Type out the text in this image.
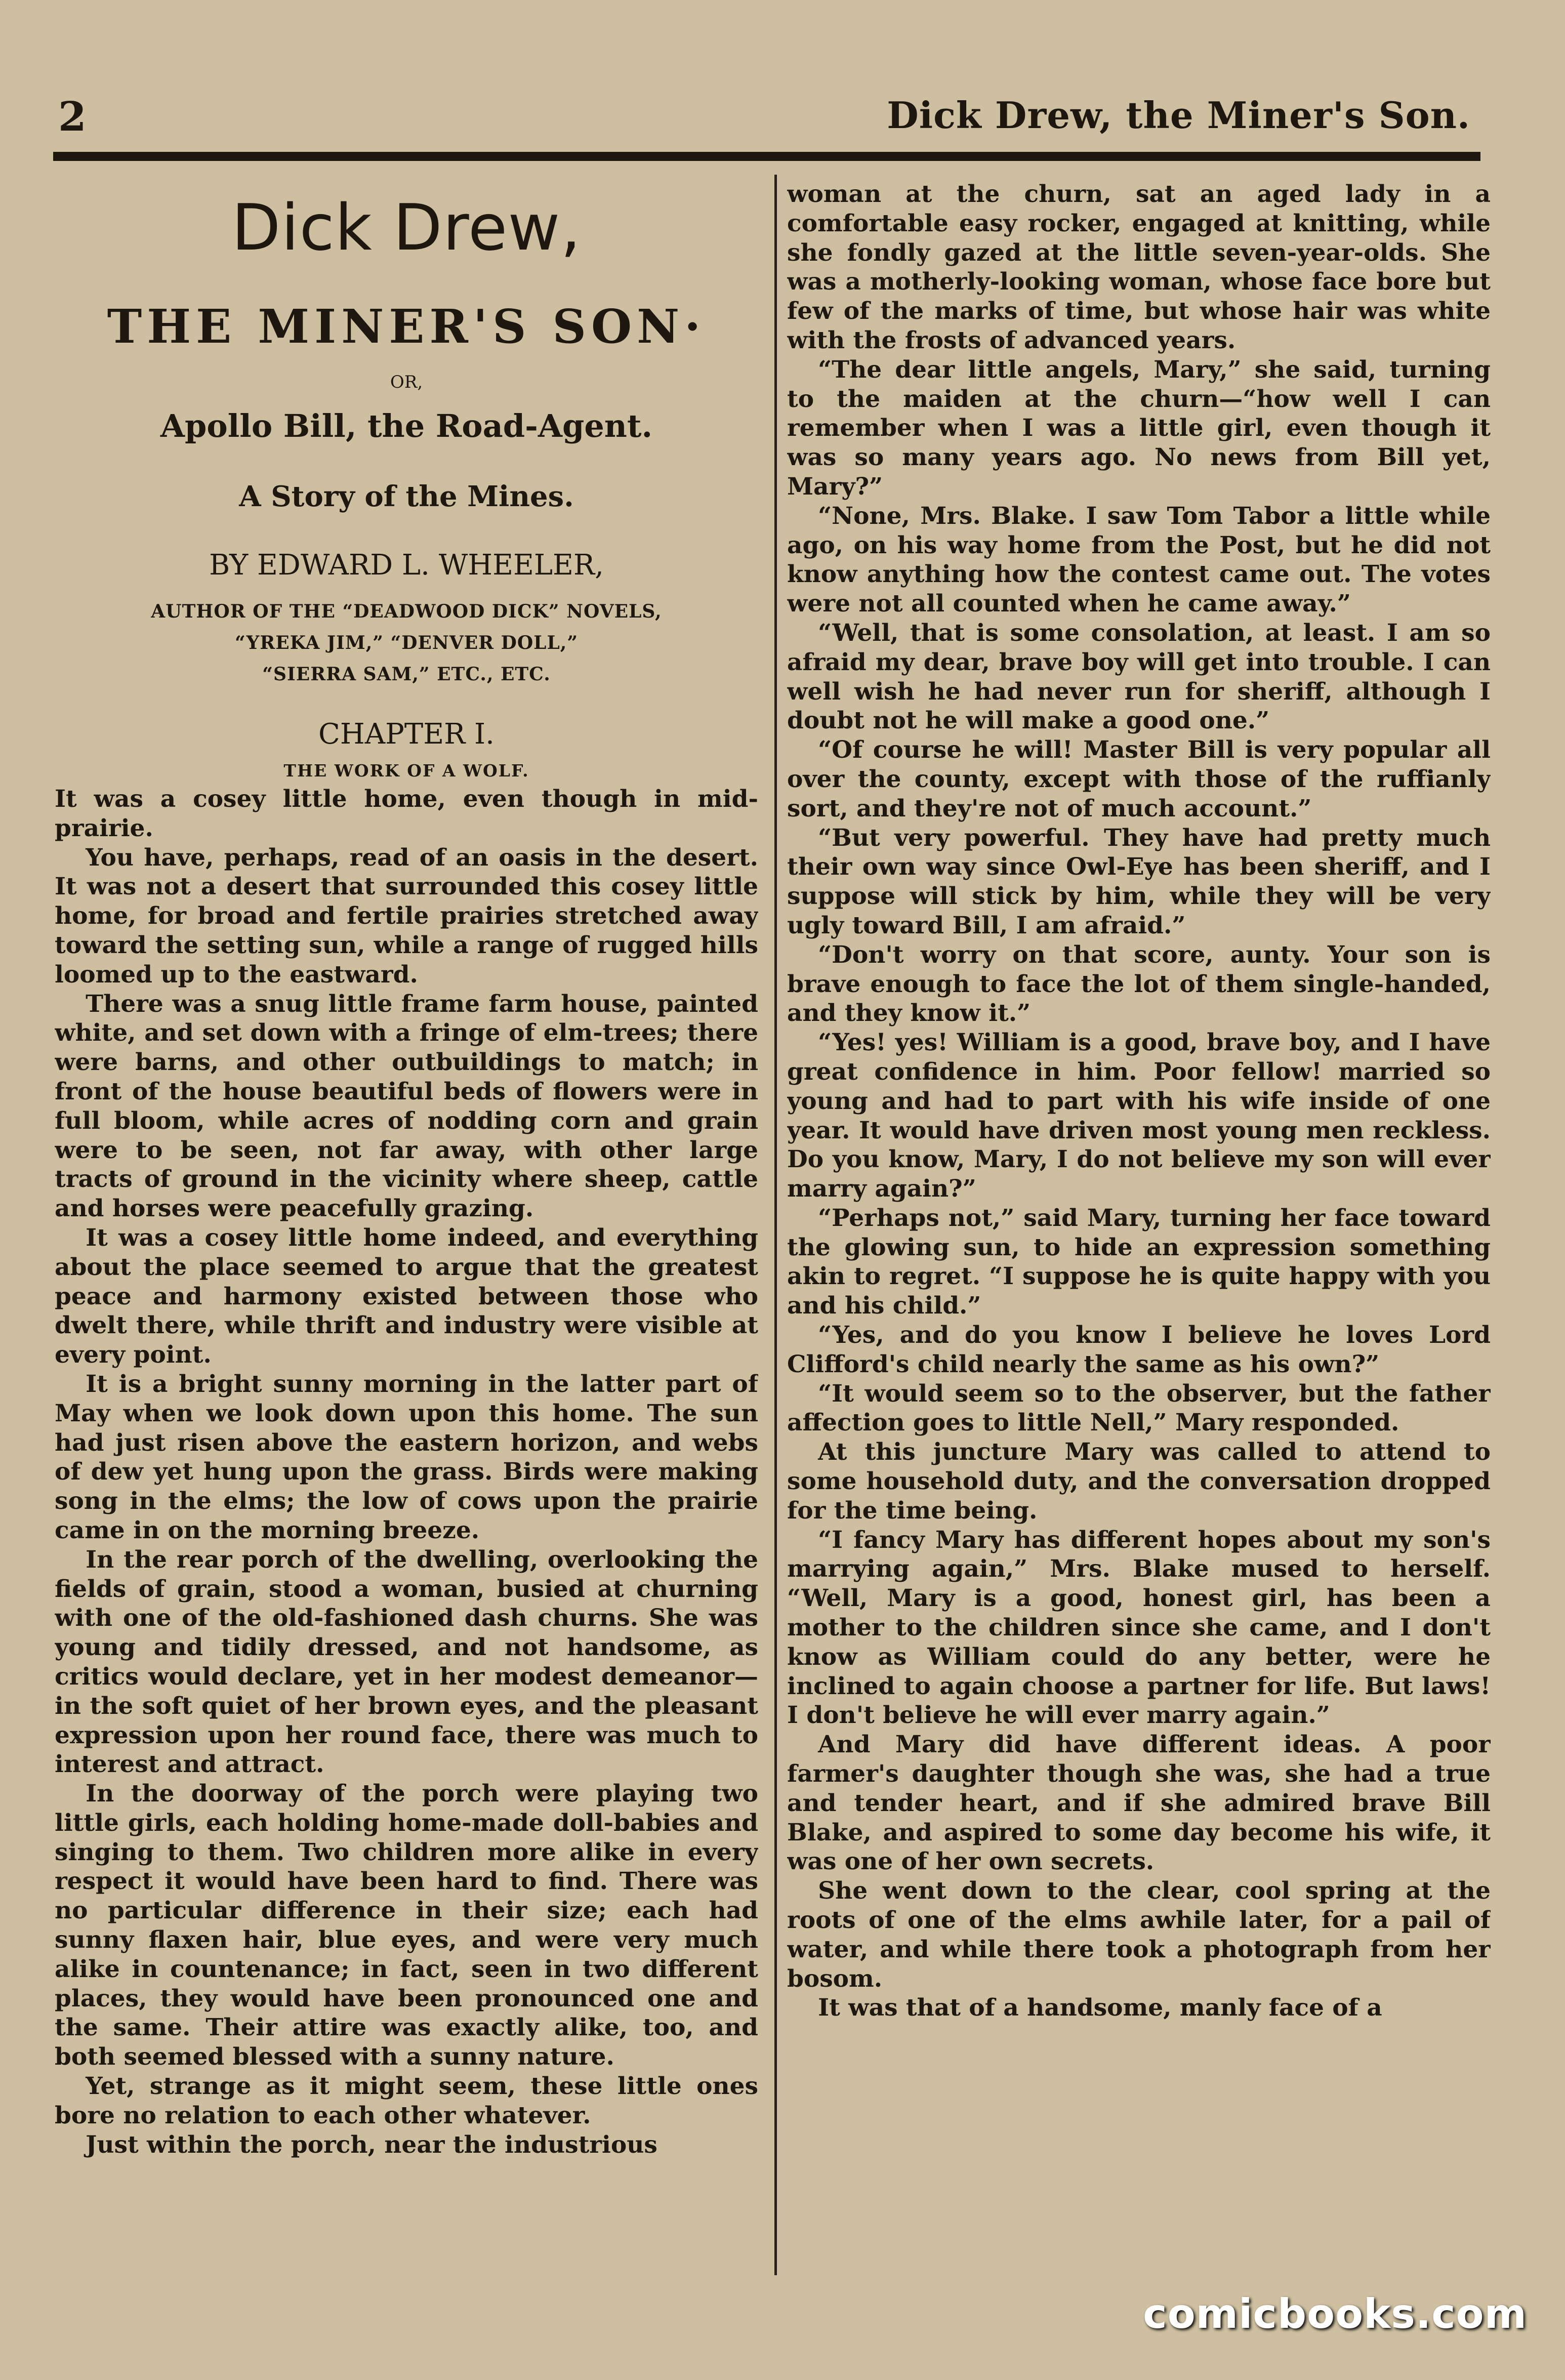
2	Dick Drew, the Miner's Son.
Dick Drew,
THE MINER'S SON·
OR,
Apollo Bill, the Road-Agent.
A Story of the Mines.
BY EDWARD L. WHEELER,
AUTHOR OF THE “DEADWOOD DICK” NOVELS,
“YREKA JIM,” “DENVER DOLL,”
“SIERRA SAM,” ETC., ETC.
CHAPTER I.
THE WORK OF A WOLF.

It was a cosey little home, even though in mid-prairie.

You have, perhaps, read of an oasis in the desert. It was not a desert that surrounded this cosey little home, for broad and fertile prairies stretched away toward the setting sun, while a range of rugged hills loomed up to the eastward.

There was a snug little frame farm house, painted white, and set down with a fringe of elm-trees; there were barns, and other outbuildings to match; in front of the house beautiful beds of flowers were in full bloom, while acres of nodding corn and grain were to be seen, not far away, with other large tracts of ground in the vicinity where sheep, cattle and horses were peacefully grazing.

It was a cosey little home indeed, and everything about the place seemed to argue that the greatest peace and harmony existed between those who dwelt there, while thrift and industry were visible at every point.

It is a bright sunny morning in the latter part of May when we look down upon this home. The sun had just risen above the eastern horizon, and webs of dew yet hung upon the grass. Birds were making song in the elms; the low of cows upon the prairie came in on the morning breeze.

In the rear porch of the dwelling, overlooking the fields of grain, stood a woman, busied at churning with one of the old-fashioned dash churns. She was young and tidily dressed, and not handsome, as critics would declare, yet in her modest demeanor—in the soft quiet of her brown eyes, and the pleasant expression upon her round face, there was much to interest and attract.

In the doorway of the porch were playing two little girls, each holding home-made doll-babies and singing to them. Two children more alike in every respect it would have been hard to find. There was no particular difference in their size; each had sunny flaxen hair, blue eyes, and were very much alike in countenance; in fact, seen in two different places, they would have been pronounced one and the same. Their attire was exactly alike, too, and both seemed blessed with a sunny nature.

Yet, strange as it might seem, these little ones bore no relation to each other whatever.

Just within the porch, near the industrious

woman at the churn, sat an aged lady in a comfortable easy rocker, engaged at knitting, while she fondly gazed at the little seven-year-olds. She was a motherly-looking woman, whose face bore but few of the marks of time, but whose hair was white with the frosts of advanced years.

“The dear little angels, Mary,” she said, turning to the maiden at the churn—“how well I can remember when I was a little girl, even though it was so many years ago. No news from Bill yet, Mary?”

“None, Mrs. Blake. I saw Tom Tabor a little while ago, on his way home from the Post, but he did not know anything how the contest came out. The votes were not all counted when he came away.”

“Well, that is some consolation, at least. I am so afraid my dear, brave boy will get into trouble. I can well wish he had never run for sheriff, although I doubt not he will make a good one.”

“Of course he will! Master Bill is very popular all over the county, except with those of the ruffianly sort, and they're not of much account.”

“But very powerful. They have had pretty much their own way since Owl-Eye has been sheriff, and I suppose will stick by him, while they will be very ugly toward Bill, I am afraid.”

“Don't worry on that score, aunty. Your son is brave enough to face the lot of them single-handed, and they know it.”

“Yes! yes! William is a good, brave boy, and I have great confidence in him. Poor fellow! married so young and had to part with his wife inside of one year. It would have driven most young men reckless. Do you know, Mary, I do not believe my son will ever marry again?”

“Perhaps not,” said Mary, turning her face toward the glowing sun, to hide an expression something akin to regret. “I suppose he is quite happy with you and his child.”

“Yes, and do you know I believe he loves Lord Clifford's child nearly the same as his own?”

“It would seem so to the observer, but the father affection goes to little Nell,” Mary responded.

At this juncture Mary was called to attend to some household duty, and the conversation dropped for the time being.

“I fancy Mary has different hopes about my son's marrying again,” Mrs. Blake mused to herself. “Well, Mary is a good, honest girl, has been a mother to the children since she came, and I don't know as William could do any better, were he inclined to again choose a partner for life. But laws! I don't believe he will ever marry again.”

And Mary did have different ideas. A poor farmer's daughter though she was, she had a true and tender heart, and if she admired brave Bill Blake, and aspired to some day become his wife, it was one of her own secrets.

She went down to the clear, cool spring at the roots of one of the elms awhile later, for a pail of water, and while there took a photograph from her bosom.

It was that of a handsome, manly face of a

comicbooks.com
